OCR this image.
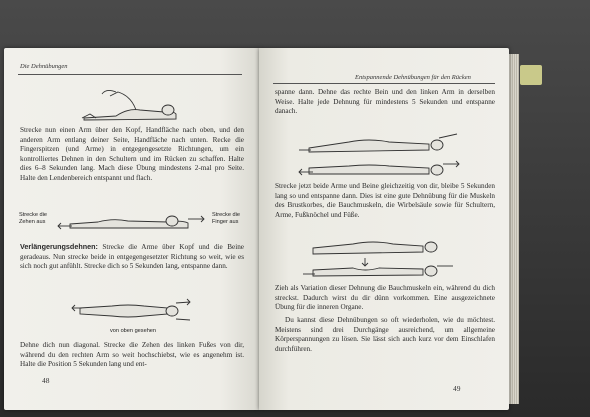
Die Dehnübungen
Strecke nun einen Arm über den Kopf, Handfläche nach oben, und den anderen Arm entlang deiner Seite, Handfläche nach unten. Recke die Fingerspitzen (und Arme) in entgegengesetzte Richtungen, um ein kontrolliertes Dehnen in den Schultern und im Rücken zu schaffen. Halte dies 6–8 Sekunden lang. Mach diese Übung mindestens 2-mal pro Seite. Halte den Lendenbereich entspannt und flach.
Strecke die Zehen aus
Strecke die Finger aus
Verlängerungsdehnen: Strecke die Arme über Kopf und die Beine geradeaus. Nun strecke beide in entgegengesetzter Richtung so weit, wie es sich noch gut anfühlt. Strecke dich so 5 Sekunden lang, entspanne dann.
von oben gesehen
Dehne dich nun diagonal. Strecke die Zehen des linken Fußes von dir, während du den rechten Arm so weit hochschiebst, wie es angenehm ist. Halte die Position 5 Sekunden lang und ent-
48
Entspannende Dehnübungen für den Rücken
spanne dann. Dehne das rechte Bein und den linken Arm in derselben Weise. Halte jede Dehnung für mindestens 5 Sekunden und entspanne danach.
Strecke jetzt beide Arme und Beine gleichzeitig von dir, bleibe 5 Sekunden lang so und entspanne dann. Dies ist eine gute Dehnübung für die Muskeln des Brustkorbes, die Bauchmuskeln, die Wirbelsäule sowie für Schultern, Arme, Fußknöchel und Füße.
Zieh als Variation dieser Dehnung die Bauchmuskeln ein, während du dich streckst. Dadurch wirst du dir dünn vorkommen. Eine ausgezeichnete Übung für die inneren Organe.
Du kannst diese Dehnübungen so oft wiederholen, wie du möchtest. Meistens sind drei Durchgänge ausreichend, um allgemeine Körperspannungen zu lösen. Sie lässt sich auch kurz vor dem Einschlafen durchführen.
49
